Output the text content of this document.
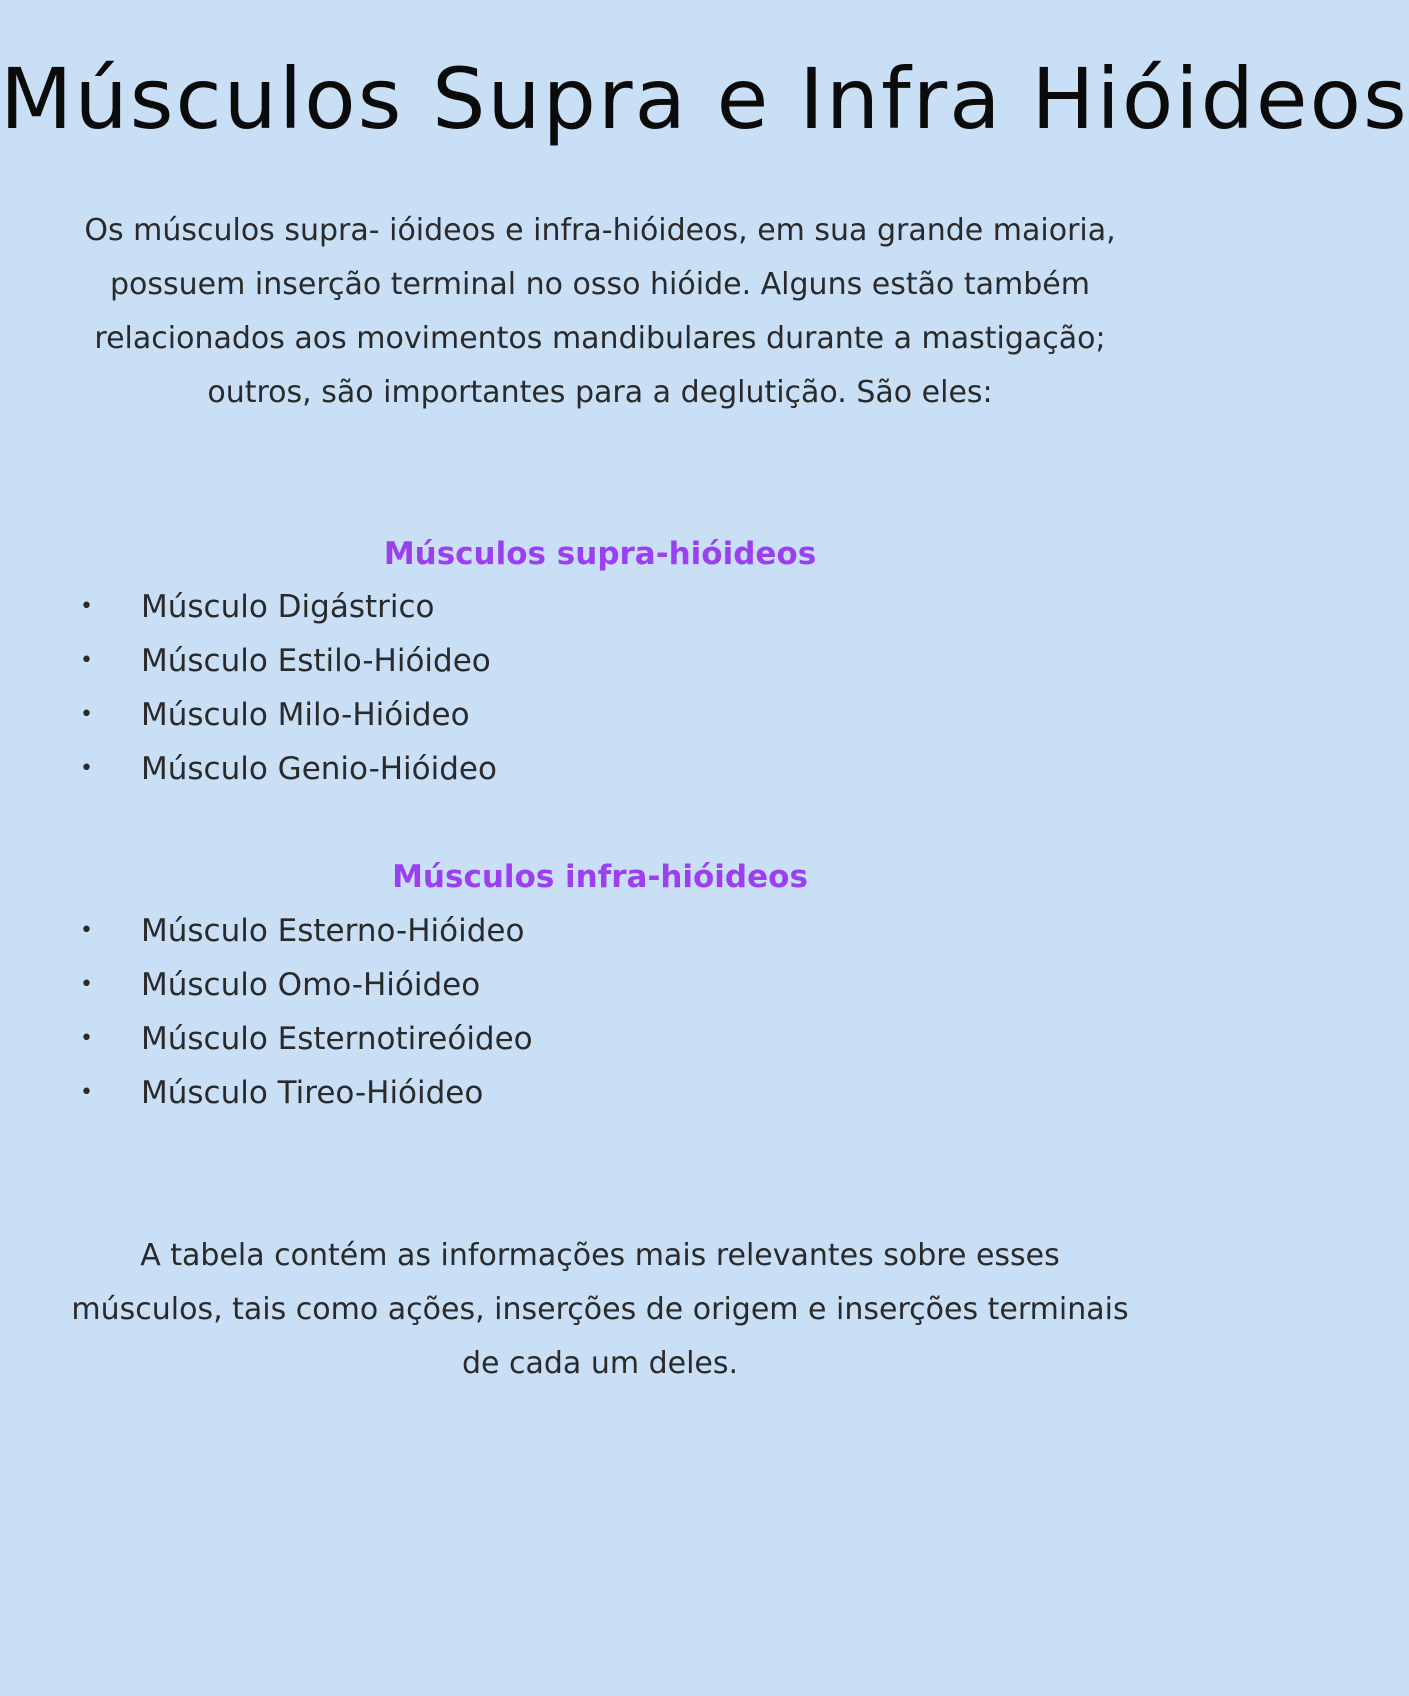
Músculos Supra e Infra Hióideos

Os músculos supra- ióideos e infra-hióideos, em sua grande maioria, possuem inserção terminal no osso hióide. Alguns estão também relacionados aos movimentos mandibulares durante a mastigação; outros, são importantes para a deglutição. São eles:

Músculos supra-hióideos
• Músculo Digástrico
• Músculo Estilo-Hióideo
• Músculo Milo-Hióideo
• Músculo Genio-Hióideo
Músculos infra-hióideos
• Músculo Esterno-Hióideo
• Músculo Omo-Hióideo
• Músculo Esternotireóideo
• Músculo Tireo-Hióideo

A tabela contém as informações mais relevantes sobre esses músculos, tais como ações, inserções de origem e inserções terminais de cada um deles.
